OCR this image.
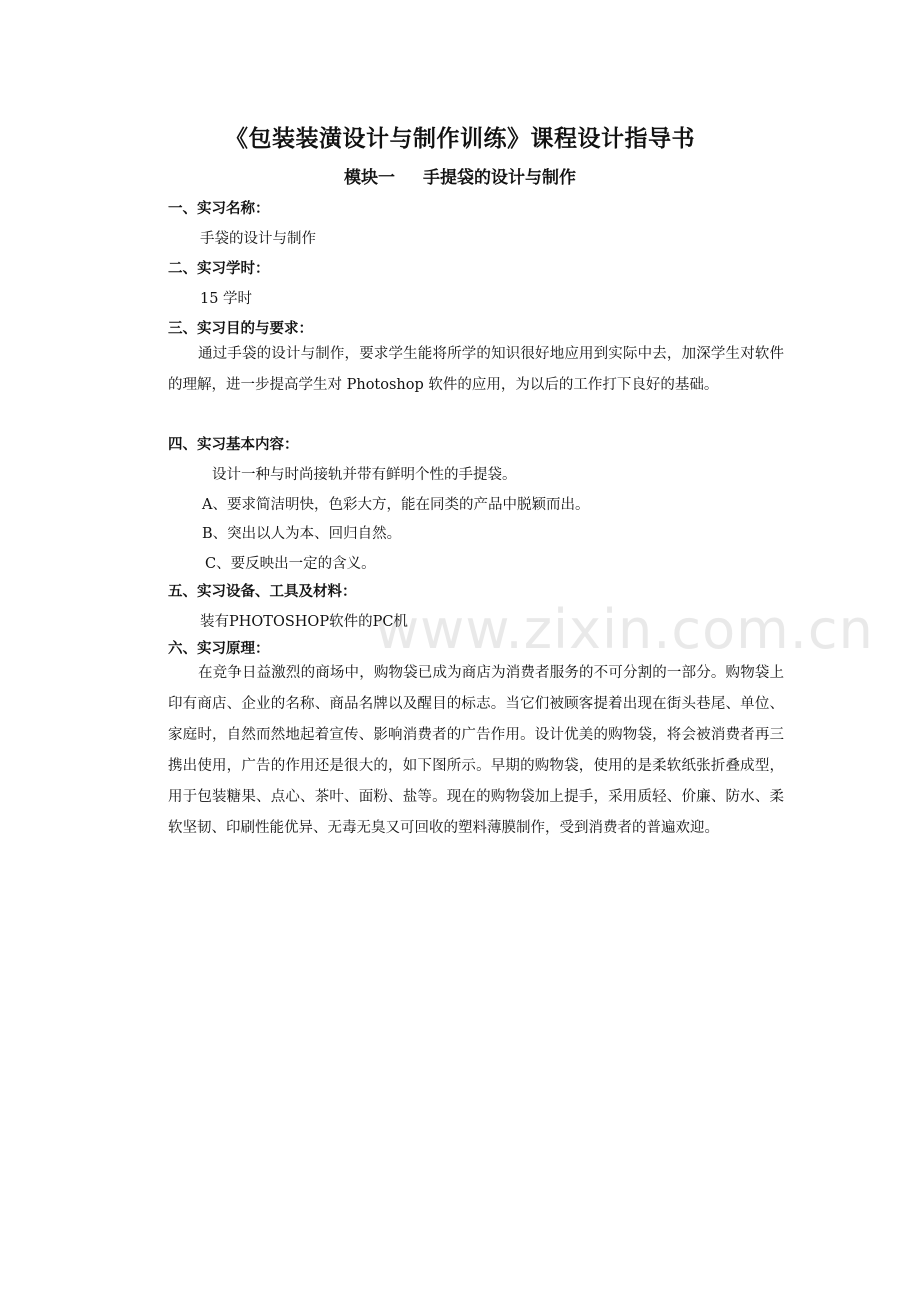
《包装装潢设计与制作训练》课程设计指导书
模块一 手提袋的设计与制作

一、实习名称：

手袋的设计与制作

二、实习学时：

15 学时

三、实习目的与要求：

通过手袋的设计与制作，要求学生能将所学的知识很好地应用到实际中去，加深学生对软件的理解，进一步提高学生对 Photoshop 软件的应用，为以后的工作打下良好的基础。

四、实习基本内容：

设计一种与时尚接轨并带有鲜明个性的手提袋。

A、要求简洁明快，色彩大方，能在同类的产品中脱颖而出。

B、突出以人为本、回归自然。

C、要反映出一定的含义。

五、实习设备、工具及材料：

装有PHOTOSHOP软件的PC机

六、实习原理：

在竞争日益激烈的商场中，购物袋已成为商店为消费者服务的不可分割的一部分。购物袋上印有商店、企业的名称、商品名牌以及醒目的标志。当它们被顾客提着出现在街头巷尾、单位、家庭时，自然而然地起着宣传、影响消费者的广告作用。设计优美的购物袋，将会被消费者再三携出使用，广告的作用还是很大的，如下图所示。早期的购物袋，使用的是柔软纸张折叠成型，用于包装糖果、点心、茶叶、面粉、盐等。现在的购物袋加上提手，采用质轻、价廉、防水、柔软坚韧、印刷性能优异、无毒无臭又可回收的塑料薄膜制作，受到消费者的普遍欢迎。

www.zixin.com.cn
